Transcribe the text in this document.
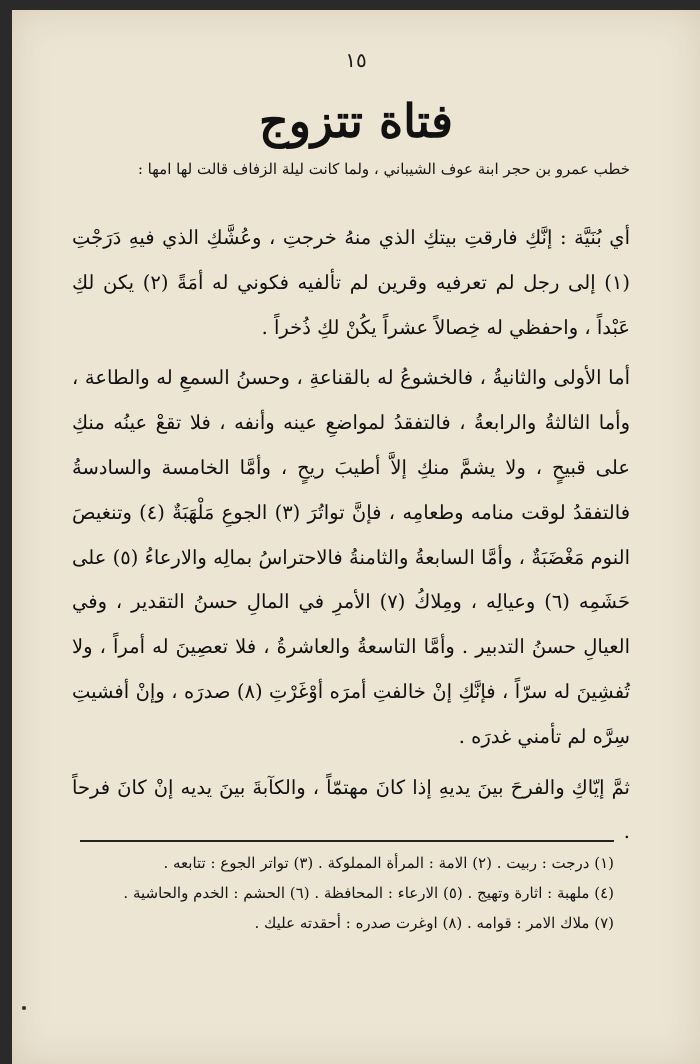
١٥
فتاة تتزوج
خطب عمرو بن حجر ابنة عوف الشيباني ، ولما كانت ليلة الزفاف قالت لها امها :

أي بُنَيَّة : إنَّكِ فارقتِ بيتكِ الذي منهُ خرجتِ ، وعُشَّكِ الذي فيهِ دَرَجْتِ (١) إلى رجل لم تعرفيه وقرين لم تألفيه فكوني له أمَةً (٢) يكن لكِ عَبْداً ، واحفظي له خِصالاً عشراً يكُنْ لكِ ذُخراً .

أما الأولى والثانيةُ ، فالخشوعُ له بالقناعةِ ، وحسنُ السمعِ له والطاعة ، وأما الثالثةُ والرابعةُ ، فالتفقدُ لمواضعِ عينه وأنفه ، فلا تقعْ عينُه منكِ على قبيحٍ ، ولا يشمَّ منكِ إلاَّ أطيبَ ريحٍ ، وأمَّا الخامسة والسادسةُ فالتفقدُ لوقت منامه وطعامِه ، فإنَّ تواتُرَ (٣) الجوعِ مَلْهَبَةٌ (٤) وتنغيصَ النوم مَغْضَبَةٌ ، وأمَّا السابعةُ والثامنةُ فالاحتراسُ بمالِه والارعاءُ (٥) على حَشَمِه (٦) وعيالِه ، ومِلاكُ (٧) الأمرِ في المالِ حسنُ التقدير ، وفي العيالِ حسنُ التدبير . وأمَّا التاسعةُ والعاشرةُ ، فلا تعصِينَ له أمراً ، ولا تُفشِينَ له سرّاً ، فإنَّكِ إنْ خالفتِ أمرَه أوْغَرْتِ (٨) صدرَه ، وإنْ أفشيتِ سِرَّه لم تأمني غدرَه .

ثمَّ إيّاكِ والفرحَ بينَ يديهِ إذا كانَ مهتمّاً ، والكآبةَ بينَ يديه إنْ كانَ فرحاً .

(١) درجت : ربيت . (٢) الامة : المرأة المملوكة . (٣) تواتر الجوع : تتابعه .
(٤) ملهبة : اثارة وتهيج . (٥) الارعاء : المحافظة . (٦) الحشم : الخدم والحاشية .
(٧) ملاك الامر : قوامه . (٨) اوغرت صدره : أحقدته عليك .
